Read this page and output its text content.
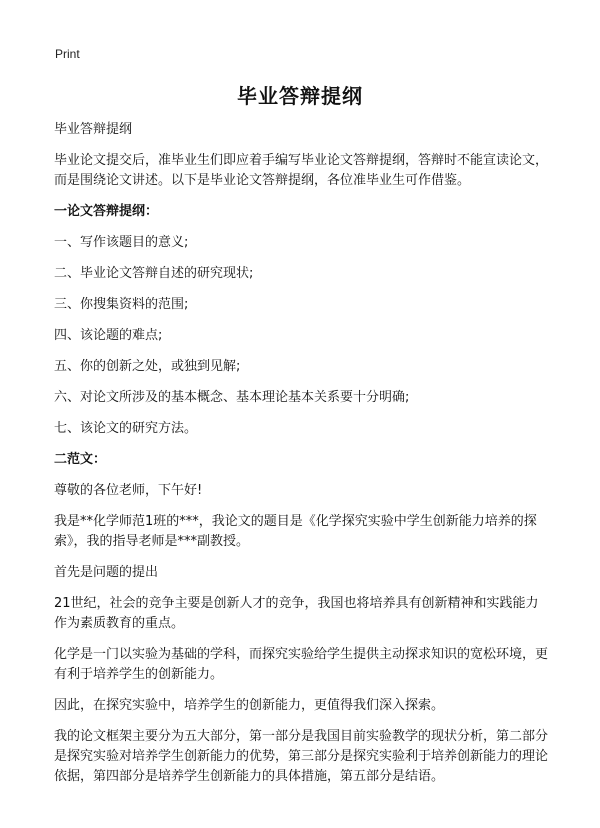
Print
毕业答辩提纲

毕业答辩提纲

毕业论文提交后，准毕业生们即应着手编写毕业论文答辩提纲，答辩时不能宣读论文，而是围绕论文讲述。以下是毕业论文答辩提纲，各位准毕业生可作借鉴。

一论文答辩提纲：

一、写作该题目的意义;
二、毕业论文答辩自述的研究现状;
三、你搜集资料的范围;
四、该论题的难点;
五、你的创新之处，或独到见解;
六、对论文所涉及的基本概念、基本理论基本关系要十分明确;
七、该论文的研究方法。

二范文：

尊敬的各位老师，下午好!

我是**化学师范1班的***，我论文的题目是《化学探究实验中学生创新能力培养的探索》，我的指导老师是***副教授。

首先是问题的提出

21世纪，社会的竞争主要是创新人才的竞争，我国也将培养具有创新精神和实践能力作为素质教育的重点。

化学是一门以实验为基础的学科，而探究实验给学生提供主动探求知识的宽松环境，更有利于培养学生的创新能力。

因此，在探究实验中，培养学生的创新能力，更值得我们深入探索。

我的论文框架主要分为五大部分，第一部分是我国目前实验教学的现状分析，第二部分是探究实验对培养学生创新能力的优势，第三部分是探究实验利于培养创新能力的理论依据，第四部分是培养学生创新能力的具体措施，第五部分是结语。
